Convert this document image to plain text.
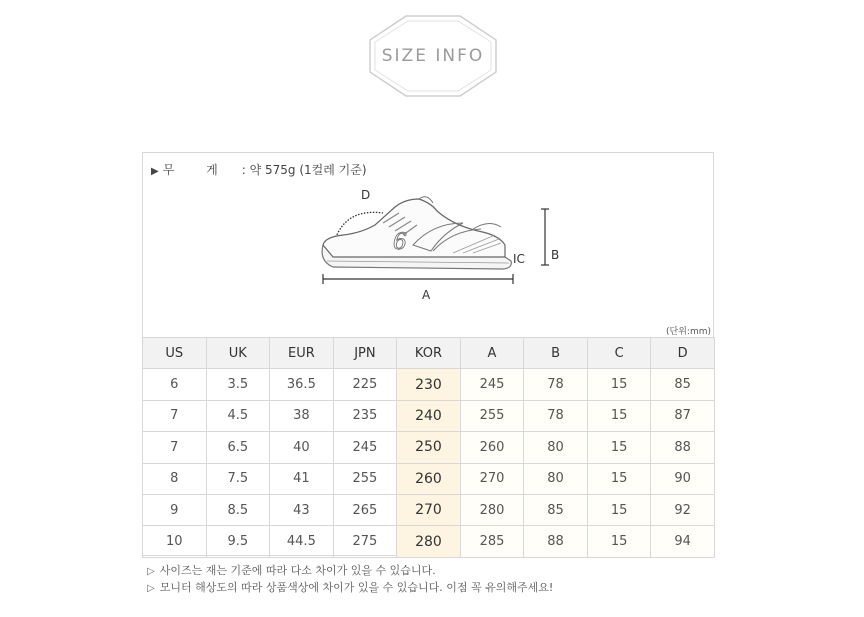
SIZE INFO
▶ 무 게 : 약 575g (1컬레 기준)
6
A
B
IC
D
(단위:mm)
US	UK	EUR	JPN	KOR	A	B	C	D
6	3.5	36.5	225	230	245	78	15	85
7	4.5	38	235	240	255	78	15	87
7	6.5	40	245	250	260	80	15	88
8	7.5	41	255	260	270	80	15	90
9	8.5	43	265	270	280	85	15	92
10	9.5	44.5	275	280	285	88	15	94
▷ 사이즈는 재는 기준에 따라 다소 차이가 있을 수 있습니다.
▷ 모니터 해상도의 따라 상품색상에 차이가 있을 수 있습니다. 이점 꼭 유의해주세요!
